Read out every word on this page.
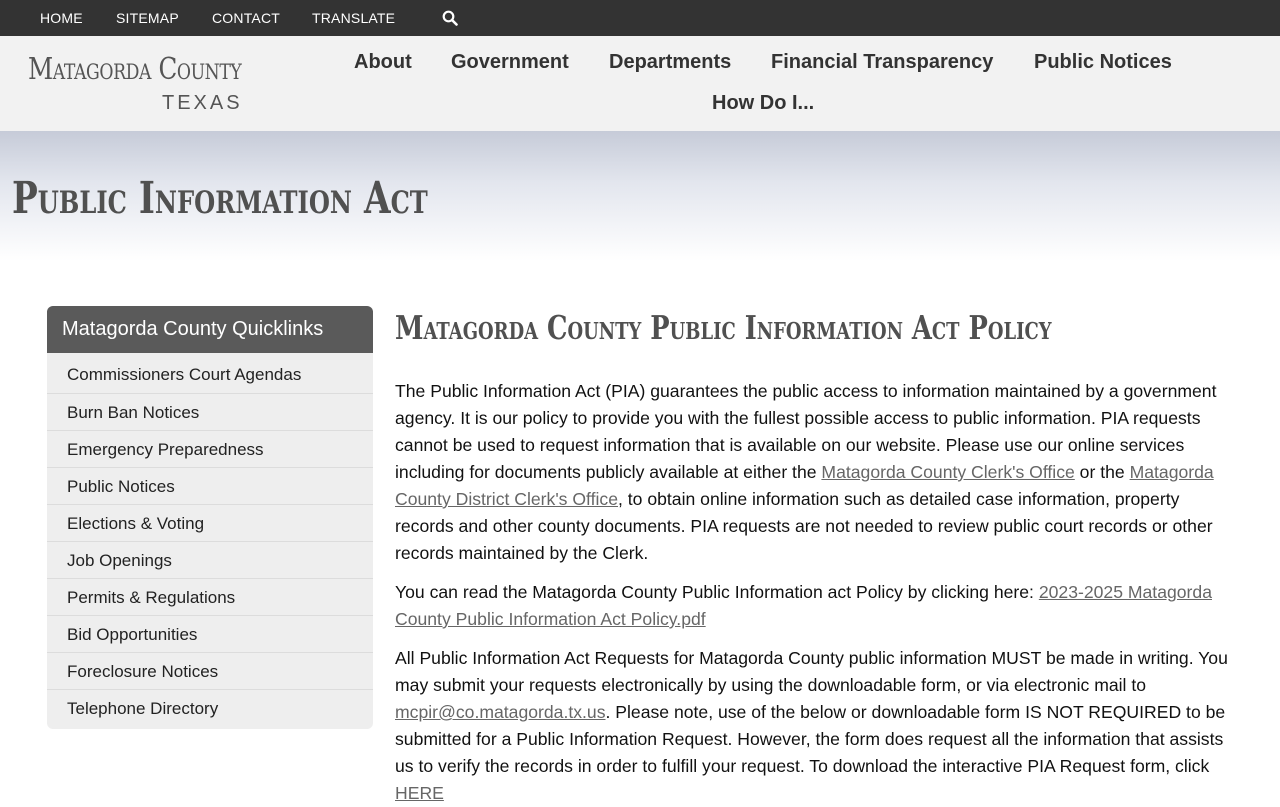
HOME SITEMAP CONTACT TRANSLATE
Matagorda County
TEXAS
About Government Departments Financial Transparency Public Notices
How Do I...
Public Information Act
Matagorda County Quicklinks
Commissioners Court Agendas
Burn Ban Notices
Emergency Preparedness
Public Notices
Elections & Voting
Job Openings
Permits & Regulations
Bid Opportunities
Foreclosure Notices
Telephone Directory
Matagorda County Public Information Act Policy

The Public Information Act (PIA) guarantees the public access to information maintained by a government agency. It is our policy to provide you with the fullest possible access to public information. PIA requests cannot be used to request information that is available on our website. Please use our online services including for documents publicly available at either the Matagorda County Clerk's Office or the Matagorda County District Clerk's Office, to obtain online information such as detailed case information, property records and other county documents. PIA requests are not needed to review public court records or other records maintained by the Clerk.

You can read the Matagorda County Public Information act Policy by clicking here: 2023-2025 Matagorda County Public Information Act Policy.pdf

All Public Information Act Requests for Matagorda County public information MUST be made in writing. You may submit your requests electronically by using the downloadable form, or via electronic mail to mcpir@co.matagorda.tx.us. Please note, use of the below or downloadable form IS NOT REQUIRED to be submitted for a Public Information Request. However, the form does request all the information that assists us to verify the records in order to fulfill your request. To download the interactive PIA Request form, click HERE
